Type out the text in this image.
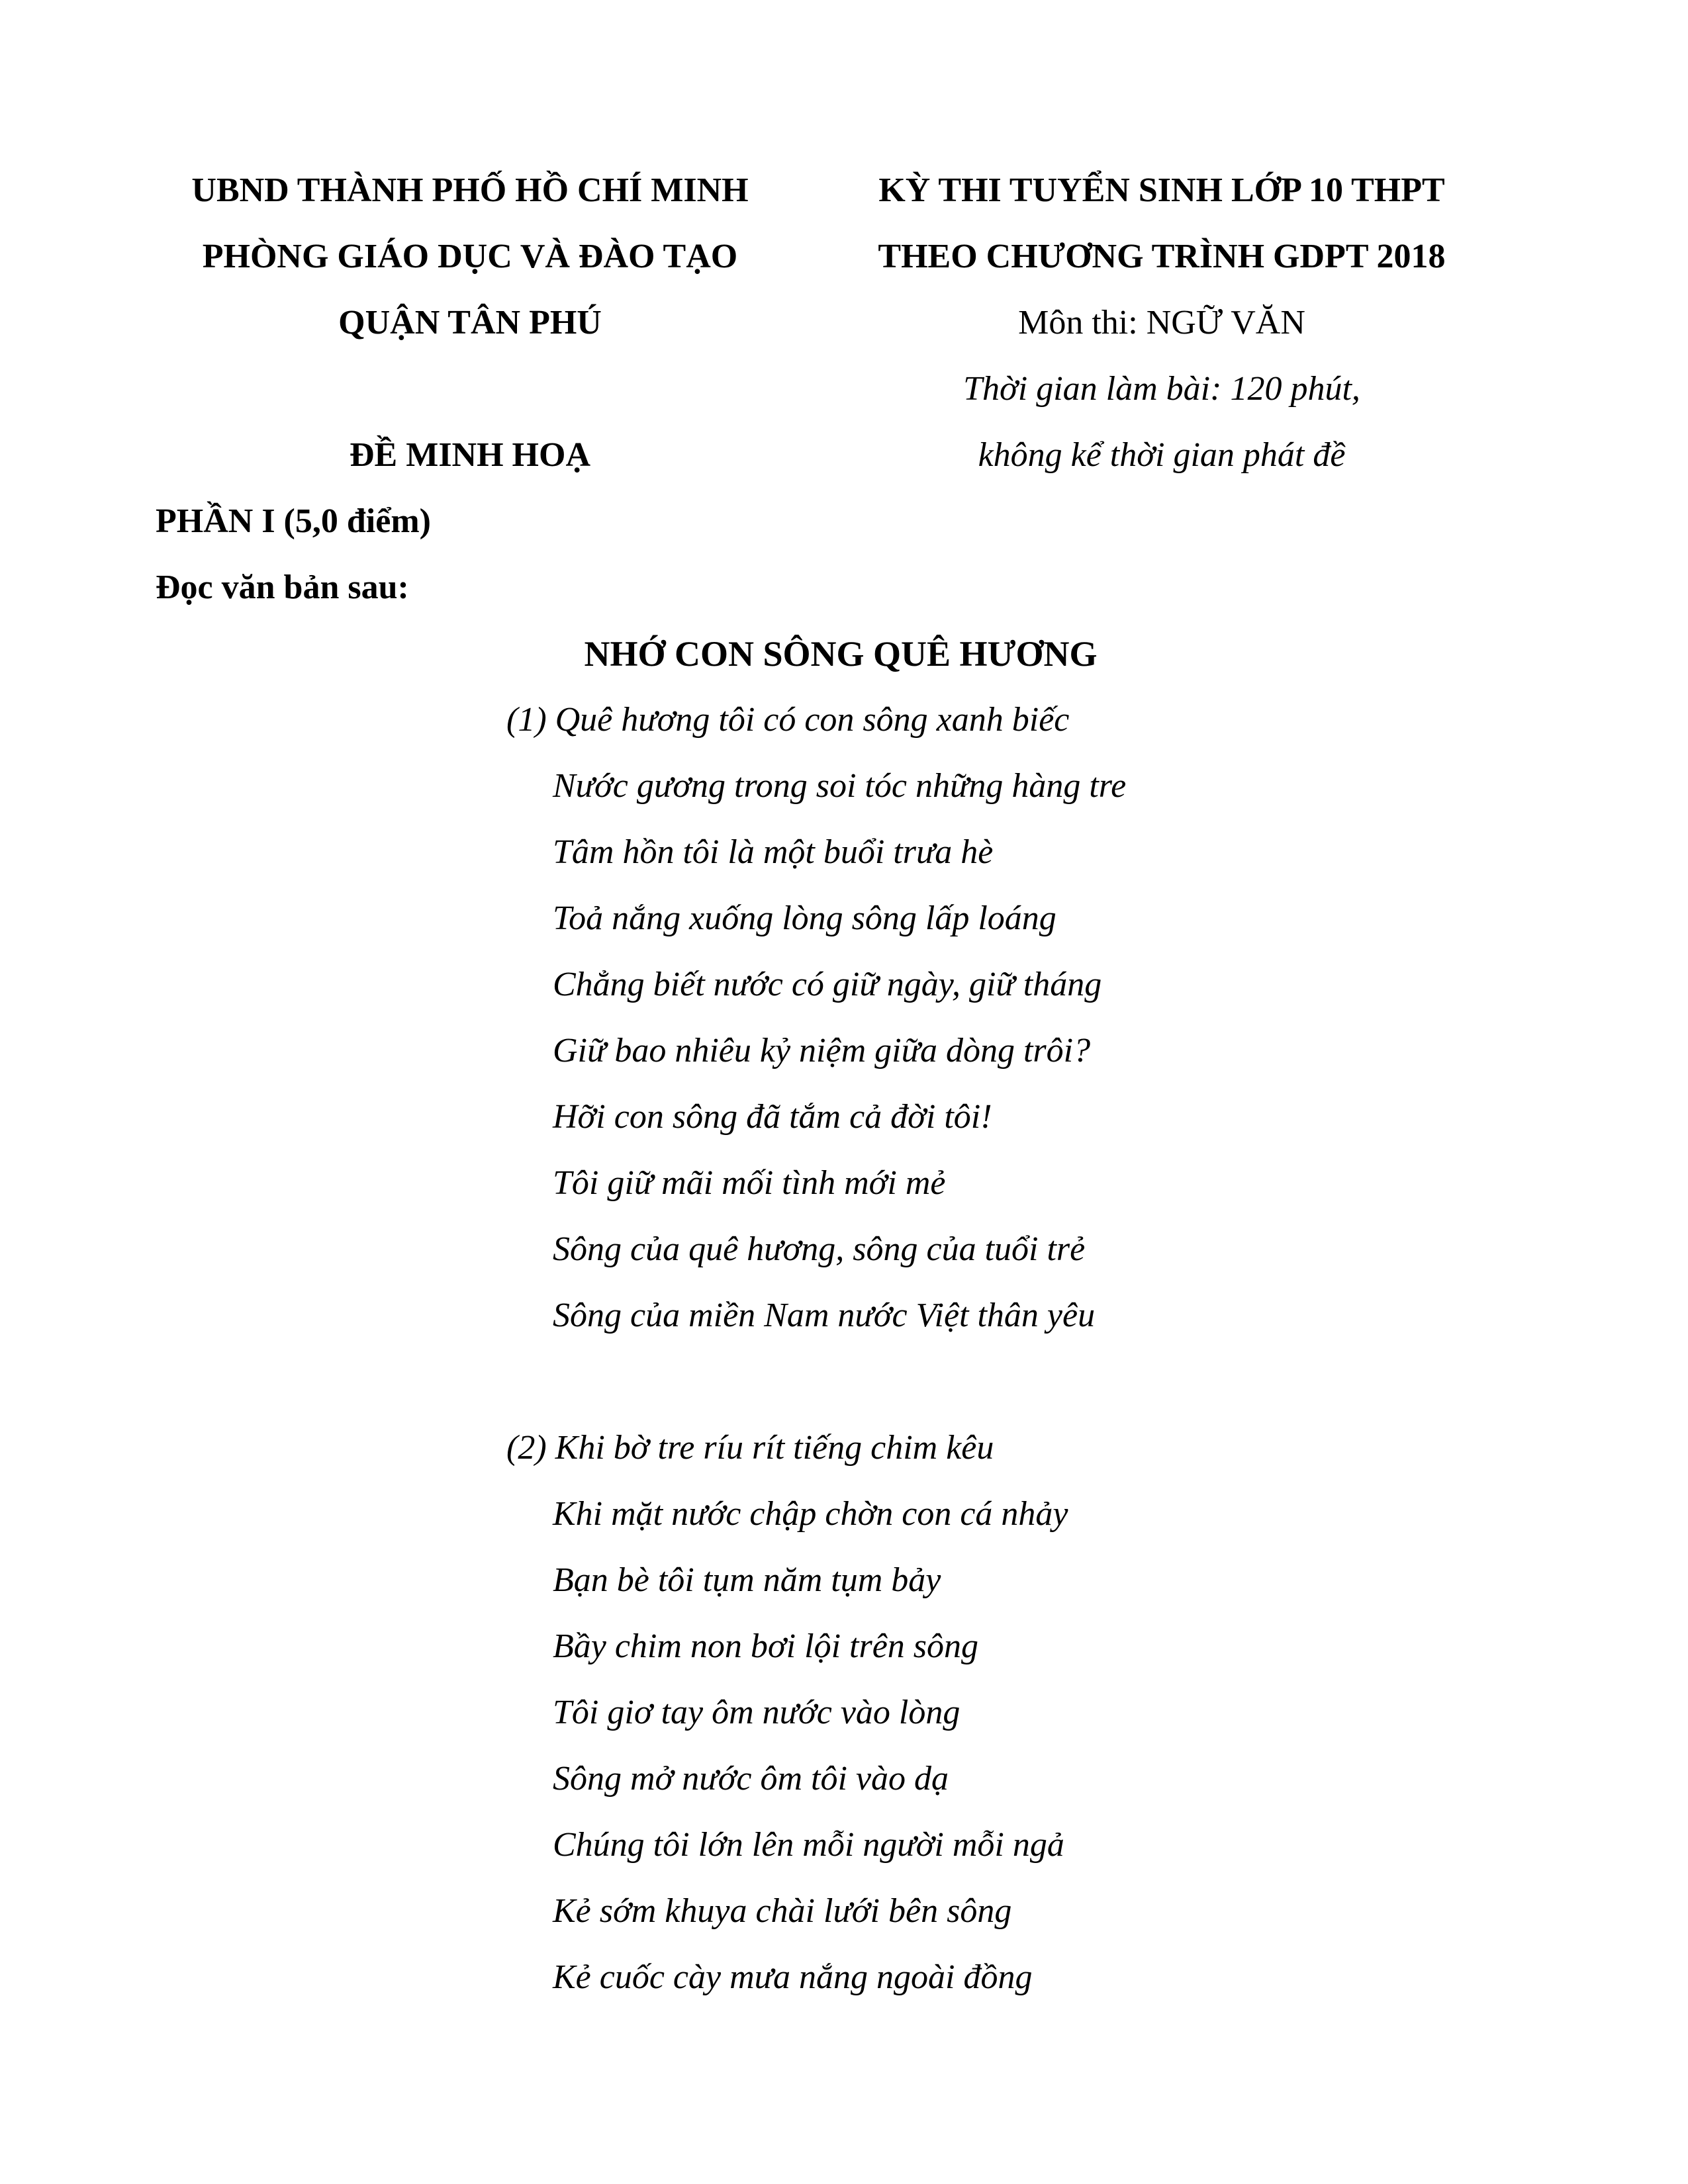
UBND THÀNH PHỐ HỒ CHÍ MINH
PHÒNG GIÁO DỤC VÀ ĐÀO TẠO
QUẬN TÂN PHÚ
KỲ THI TUYỂN SINH LỚP 10 THPT
THEO CHƯƠNG TRÌNH GDPT 2018
Môn thi: NGỮ VĂN
Thời gian làm bài: 120 phút,
không kể thời gian phát đề
ĐỀ MINH HOẠ
PHẦN I (5,0 điểm)
Đọc văn bản sau:
NHỚ CON SÔNG QUÊ HƯƠNG
(1) Quê hương tôi có con sông xanh biếc
Nước gương trong soi tóc những hàng tre
Tâm hồn tôi là một buổi trưa hè
Toả nắng xuống lòng sông lấp loáng
Chẳng biết nước có giữ ngày, giữ tháng
Giữ bao nhiêu kỷ niệm giữa dòng trôi?
Hỡi con sông đã tắm cả đời tôi!
Tôi giữ mãi mối tình mới mẻ
Sông của quê hương, sông của tuổi trẻ
Sông của miền Nam nước Việt thân yêu
(2) Khi bờ tre ríu rít tiếng chim kêu
Khi mặt nước chập chờn con cá nhảy
Bạn bè tôi tụm năm tụm bảy
Bầy chim non bơi lội trên sông
Tôi giơ tay ôm nước vào lòng
Sông mở nước ôm tôi vào dạ
Chúng tôi lớn lên mỗi người mỗi ngả
Kẻ sớm khuya chài lưới bên sông
Kẻ cuốc cày mưa nắng ngoài đồng
